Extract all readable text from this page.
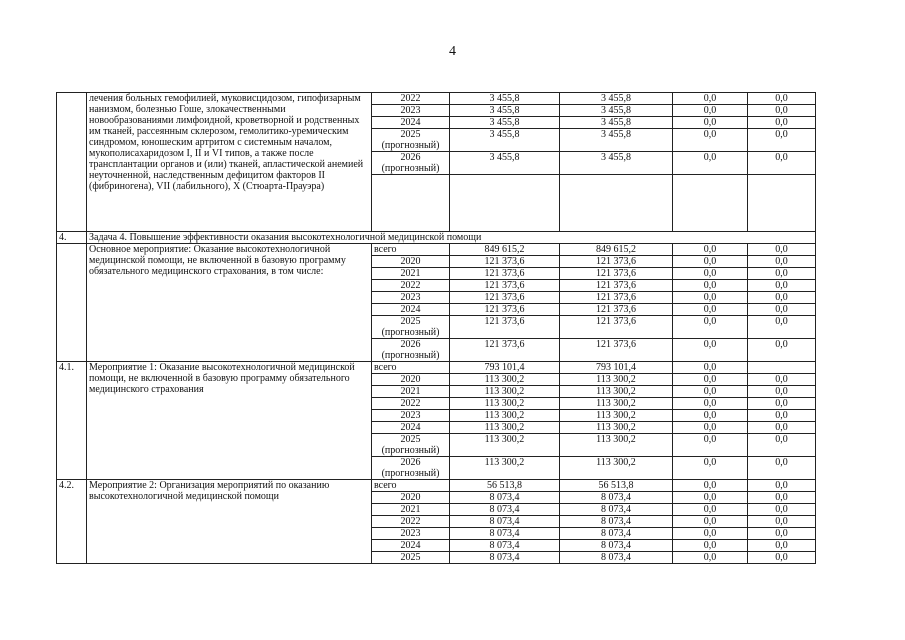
4
	лечения больных гемофилией, муковисцидозом, гипофизарным нанизмом, болезнью Гоше, злокачественными новообразованиями лимфоидной, кроветворной и родственных им тканей, рассеянным склерозом, гемолитико-уремическим синдромом, юношеским артритом с системным началом, мукополисахаридозом I, II и VI типов, а также после трансплантации органов и (или) тканей, апластической анемией неуточненной, наследственным дефицитом факторов II (фибриногена), VII (лабильного), X (Стюарта-Прауэра)	2022	3 455,8	3 455,8	0,0	0,0
		2023	3 455,8	3 455,8	0,0	0,0
		2024	3 455,8	3 455,8	0,0	0,0
		2025 (прогнозный)	3 455,8	3 455,8	0,0	0,0
		2026 (прогнозный)	3 455,8	3 455,8	0,0	0,0

4.	Задача 4. Повышение эффективности оказания высокотехнологичной медицинской помощи					
	Основное мероприятие: Оказание высокотехнологичной медицинской помощи, не включенной в базовую программу обязательного медицинского страхования, в том числе:	всего	849 615,2	849 615,2	0,0	0,0
		2020	121 373,6	121 373,6	0,0	0,0
		2021	121 373,6	121 373,6	0,0	0,0
		2022	121 373,6	121 373,6	0,0	0,0
		2023	121 373,6	121 373,6	0,0	0,0
		2024	121 373,6	121 373,6	0,0	0,0
		2025 (прогнозный)	121 373,6	121 373,6	0,0	0,0
		2026 (прогнозный)	121 373,6	121 373,6	0,0	0,0
4.1.	Мероприятие 1: Оказание высокотехнологичной медицинской помощи, не включенной в базовую программу обязательного медицинского страхования	всего	793 101,4	793 101,4	0,0	
		2020	113 300,2	113 300,2	0,0	0,0
		2021	113 300,2	113 300,2	0,0	0,0
		2022	113 300,2	113 300,2	0,0	0,0
		2023	113 300,2	113 300,2	0,0	0,0
		2024	113 300,2	113 300,2	0,0	0,0
		2025 (прогнозный)	113 300,2	113 300,2	0,0	0,0
		2026 (прогнозный)	113 300,2	113 300,2	0,0	0,0
4.2.	Мероприятие 2: Организация мероприятий по оказанию высокотехнологичной медицинской помощи	всего	56 513,8	56 513,8	0,0	0,0
		2020	8 073,4	8 073,4	0,0	0,0
		2021	8 073,4	8 073,4	0,0	0,0
		2022	8 073,4	8 073,4	0,0	0,0
		2023	8 073,4	8 073,4	0,0	0,0
		2024	8 073,4	8 073,4	0,0	0,0
		2025	8 073,4	8 073,4	0,0	0,0
